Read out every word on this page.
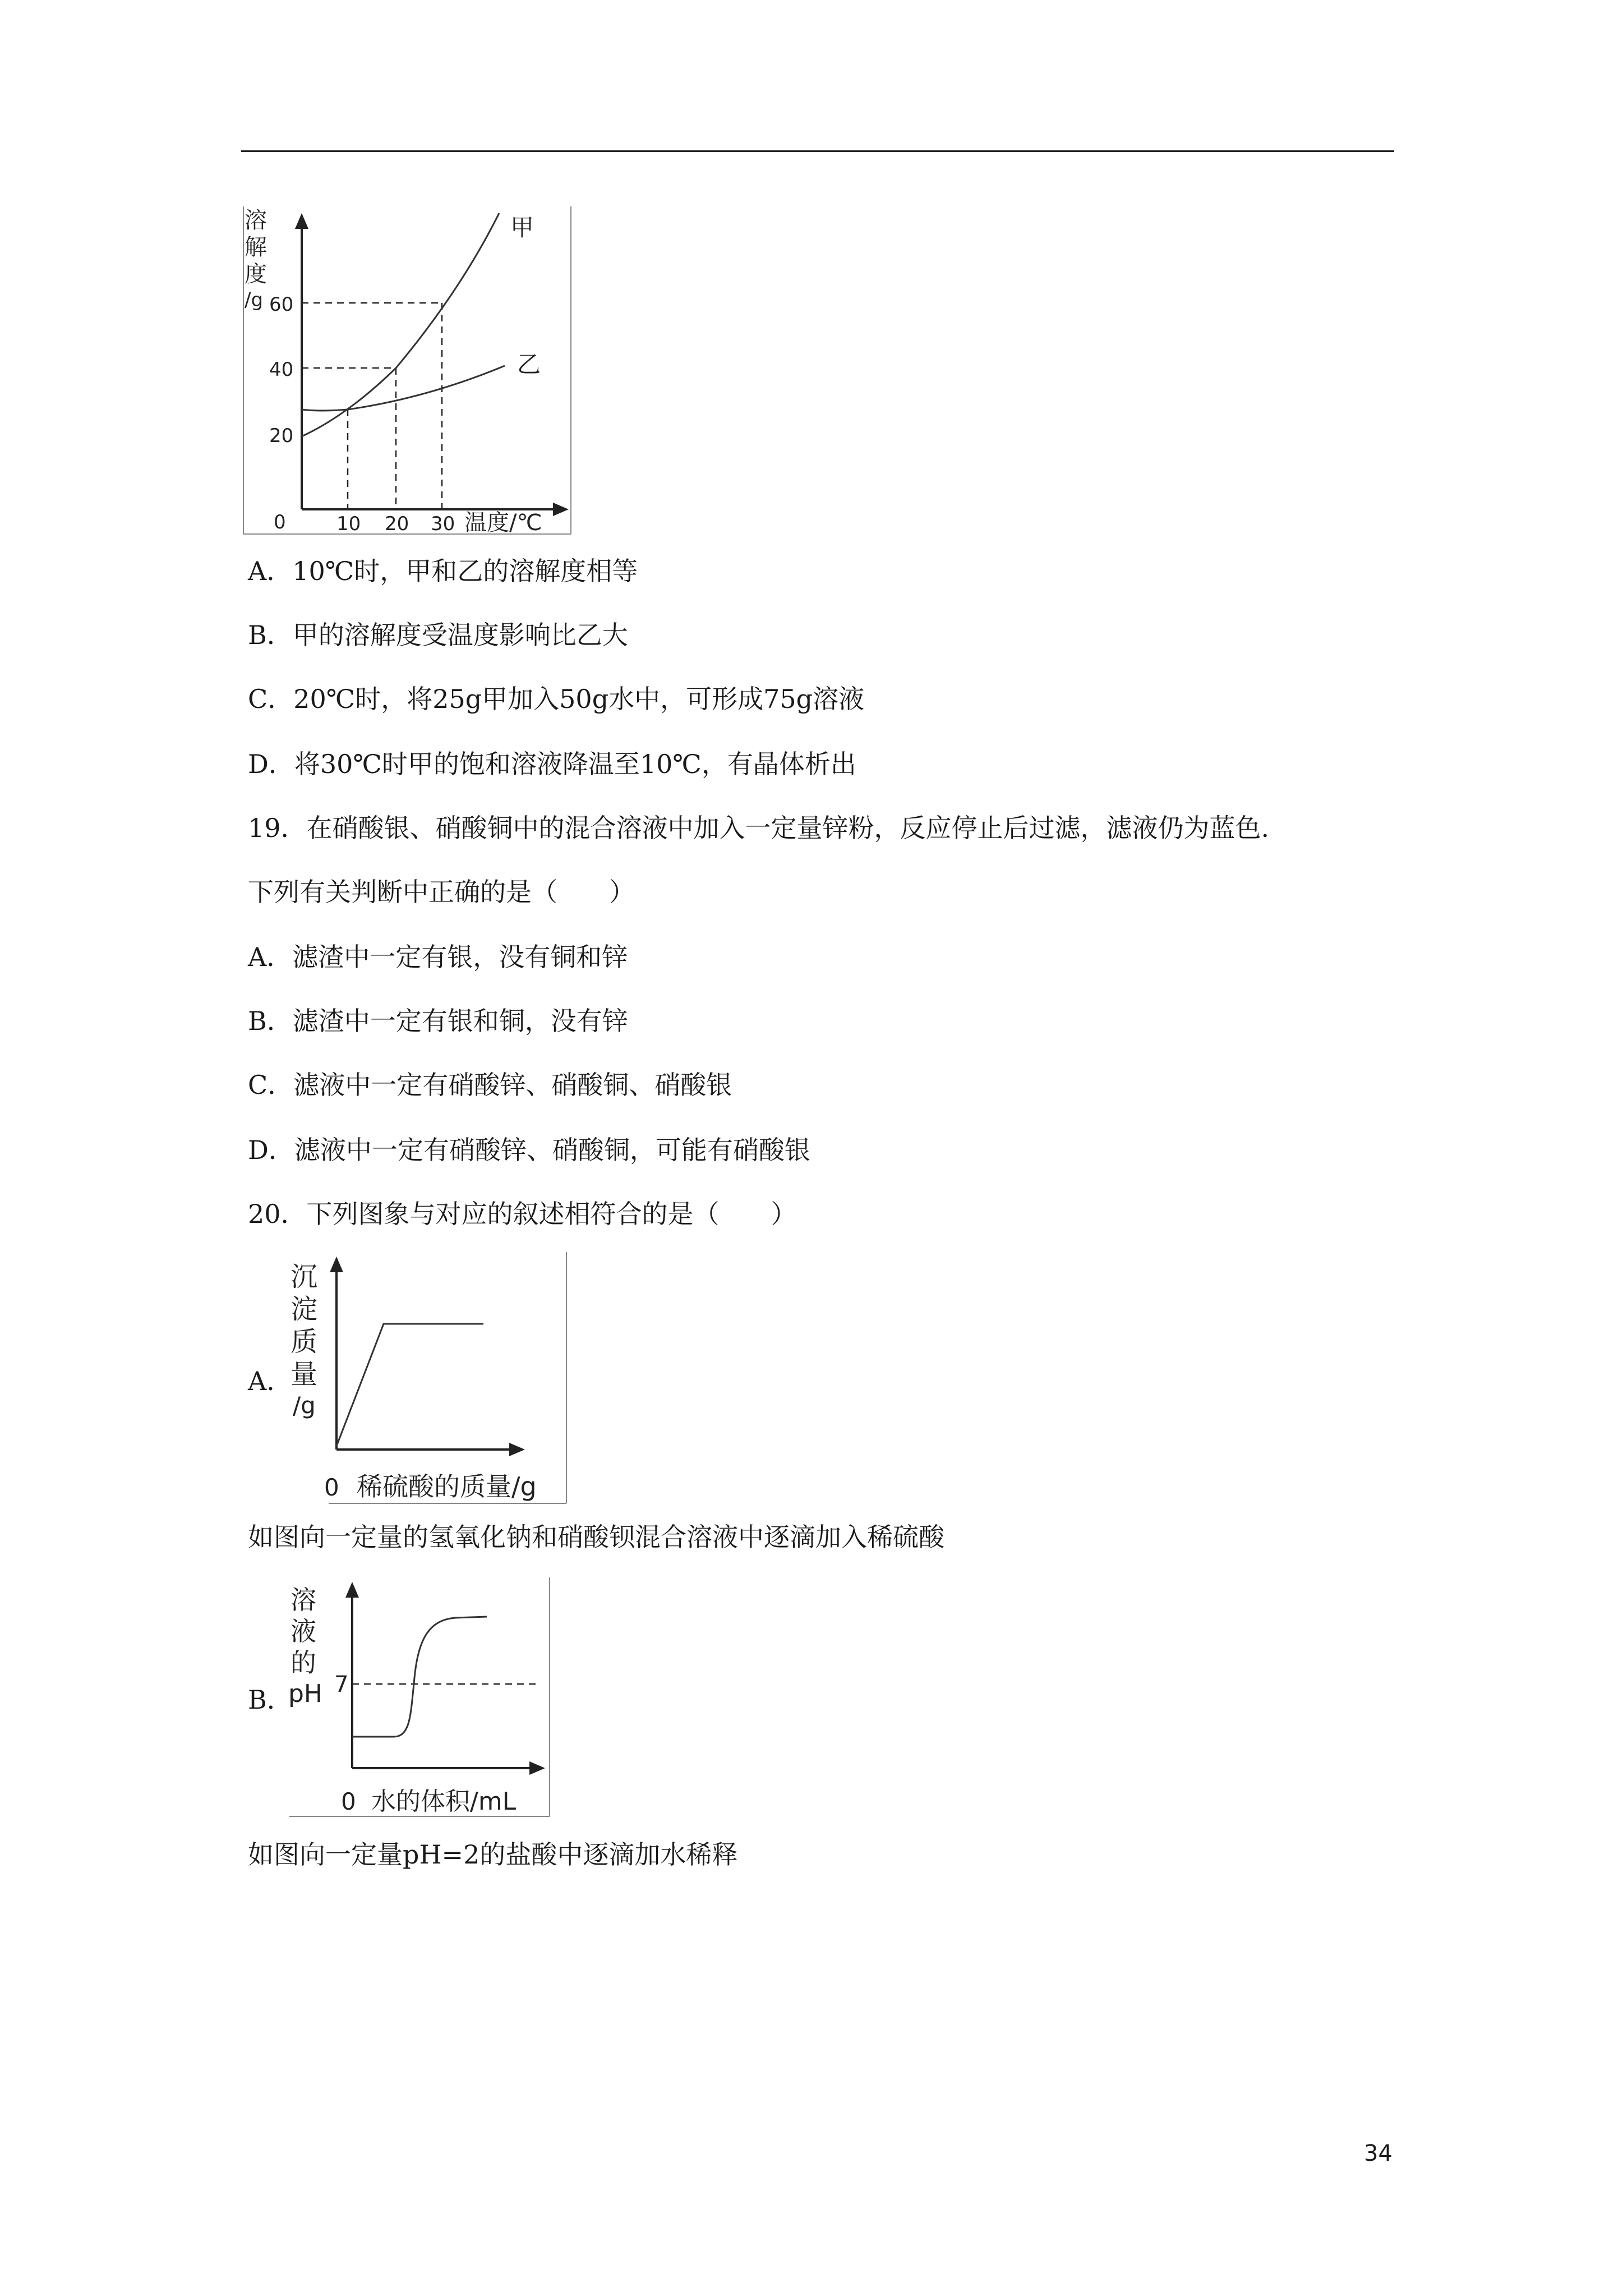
溶
解
度
/g 60
40
20
0	10 20 30 温度/℃
甲
乙
A．10℃时，甲和乙的溶解度相等
B．甲的溶解度受温度影响比乙大
C．20℃时，将25g甲加入50g水中，可形成75g溶液
D．将30℃时甲的饱和溶液降温至10℃，有晶体析出
19．在硝酸银、硝酸铜中的混合溶液中加入一定量锌粉，反应停止后过滤，滤液仍为蓝色.
下列有关判断中正确的是（　　）
A．滤渣中一定有银，没有铜和锌
B．滤渣中一定有银和铜，没有锌
C．滤液中一定有硝酸锌、硝酸铜、硝酸银
D．滤液中一定有硝酸锌、硝酸铜，可能有硝酸银
20．下列图象与对应的叙述相符合的是（　　）
A．
沉
淀
质
量
/g
0 稀硫酸的质量/g
如图向一定量的氢氧化钠和硝酸钡混合溶液中逐滴加入稀硫酸
B．
溶
液
的
pH 7
0 水的体积/mL
如图向一定量pH=2的盐酸中逐滴加水稀释
34
